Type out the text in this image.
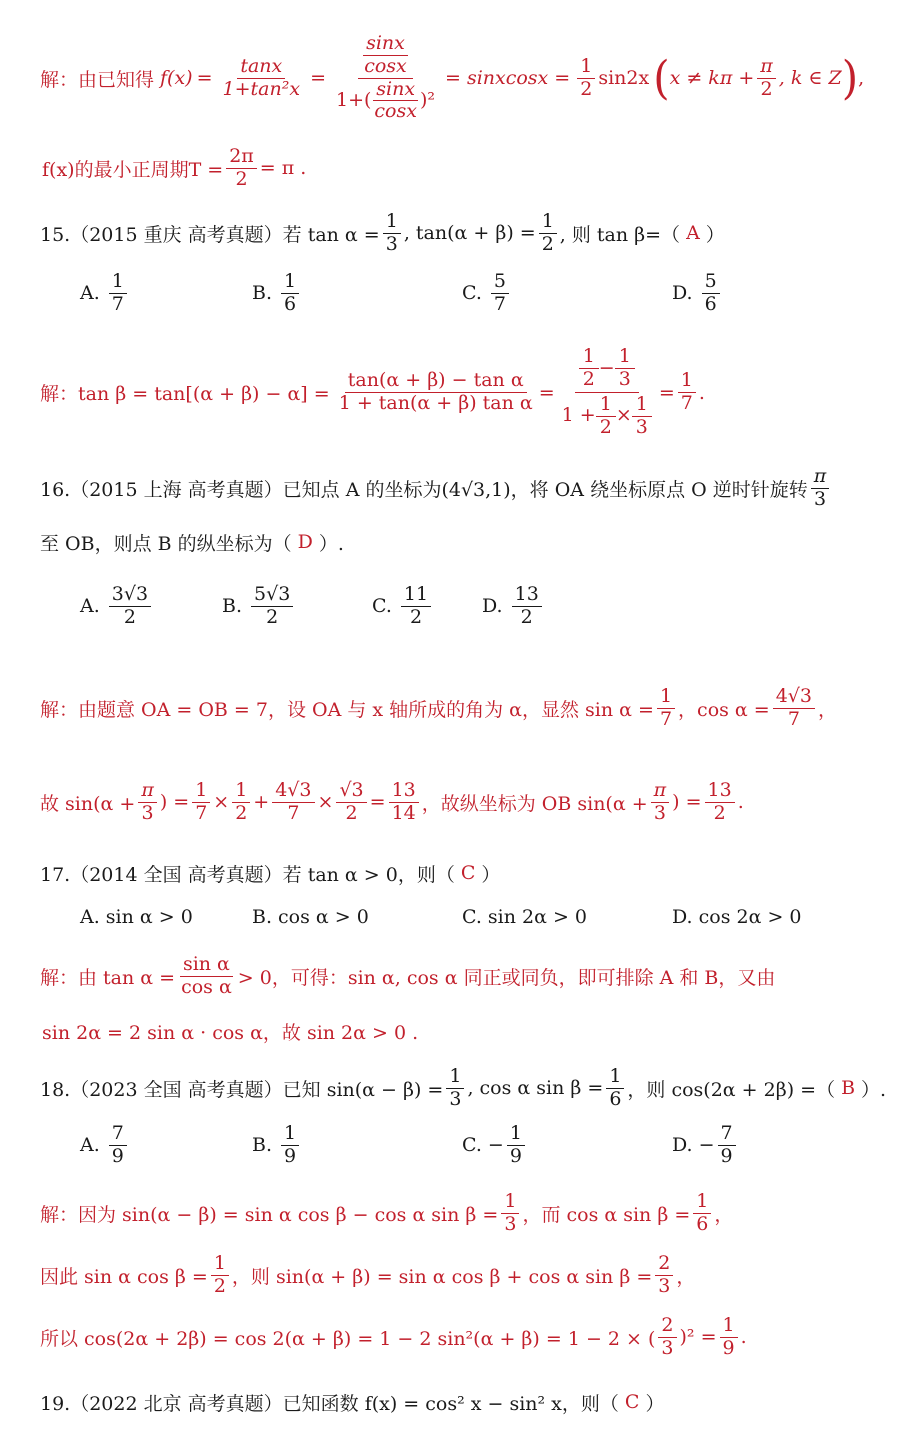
解：由已知得 $f(x) = \frac{\tan x}{\text{1+tan²x}} = \frac{\frac{\sin x}{\cos x}}{1+( \frac{\sin x}{\cos x} )^2}$ = sinxcosx = $\frac{1}{2} \sin 2x$ ( $x \ne k\pi + \frac{\pi}{2}$ , k ∈ Z ) ,
f(x)的最小正周期$T = \frac{2\pi}{2} = \pi$ .
15.（2015 重庆 高考真题）若 $\tan \alpha = \frac{1}{3}$ , $\tan(\alpha + \beta) = \frac{1}{2}$ , 则 tan β=（ A ）
A. $\frac{1}{7}$	B. $\frac{1}{6}$	C. $\frac{5}{7}$	D. $\frac{5}{6}$
解：$\tan \beta = \tan[(\alpha + \beta) - \alpha] = \frac{\text{tan(α + β) − tan α}}{\text{1 + tan(α + β) tan α}} = \frac{\frac{1}{2} - \frac{1}{3}}{1 + \frac{1}{2} \times \frac{1}{3}} = \frac{1}{7}$ .
16.（2015 上海 高考真题）已知点 A 的坐标为(4√3,1)，将 OA 绕坐标原点 O 逆时针旋转 $\frac{\pi}{3}$
至 OB，则点 B 的纵坐标为（ D ）.
A. $\frac{3√3}{2}$	B. $\frac{5√3}{2}$	C. $\frac{11}{2}$	D. $\frac{13}{2}$
解：由题意 OA = OB = 7，设 OA 与 x 轴所成的角为 α，显然 $\sin \alpha = \frac{1}{7}$ ，$\cos \alpha = \frac{4√3}{7}$ ，
故 $\sin(\alpha + \frac{\pi}{3}$ ) = $\frac{1}{7} \times \frac{1}{2} + \frac{4√3}{7} \times \frac{√3}{2} = \frac{13}{14}$ ，故纵坐标为 OB $\sin(\alpha + \frac{\pi}{3}$ ) = $\frac{13}{2}$ .
17.（2014 全国 高考真题）若 tan α > 0，则（ C ）
A. sin α > 0	B. cos α > 0	C. sin 2α > 0	D. cos 2α > 0
解：由 $\tan \alpha = \frac{\text{sin α}}{\text{cos α}} > 0$，可得：sin α, cos α 同正或同负，即可排除 A 和 B，又由
sin 2α = 2 sin α · cos α，故 sin 2α > 0 .
18.（2023 全国 高考真题）已知 $\sin(\alpha - \beta) = \frac{1}{3}$ , cos α $\sin \beta = \frac{1}{6}$ ，则 cos(2α + 2β) =（ B ）.
A. $\frac{7}{9}$	B. $\frac{1}{9}$	C. − $\frac{1}{9}$	D. − $\frac{7}{9}$
解：因为 sin(α − β) = sin α cos β − cos α $\sin \beta = \frac{1}{3}$ ，而 cos α $\sin \beta = \frac{1}{6}$ ，
因此 sin α $\cos \beta = \frac{1}{2}$ ，则 sin(α + β) = sin α cos β + cos α $\sin \beta = \frac{2}{3}$ ，
所以 cos(2α + 2β) = cos 2(α + β) = 1 − 2 sin²(α + β) = 1 − 2 × ( $\frac{2}{3} )^2 = \frac{1}{9}$ .
19.（2022 北京 高考真题）已知函数 f(x) = cos² x − sin² x，则（ C ）
